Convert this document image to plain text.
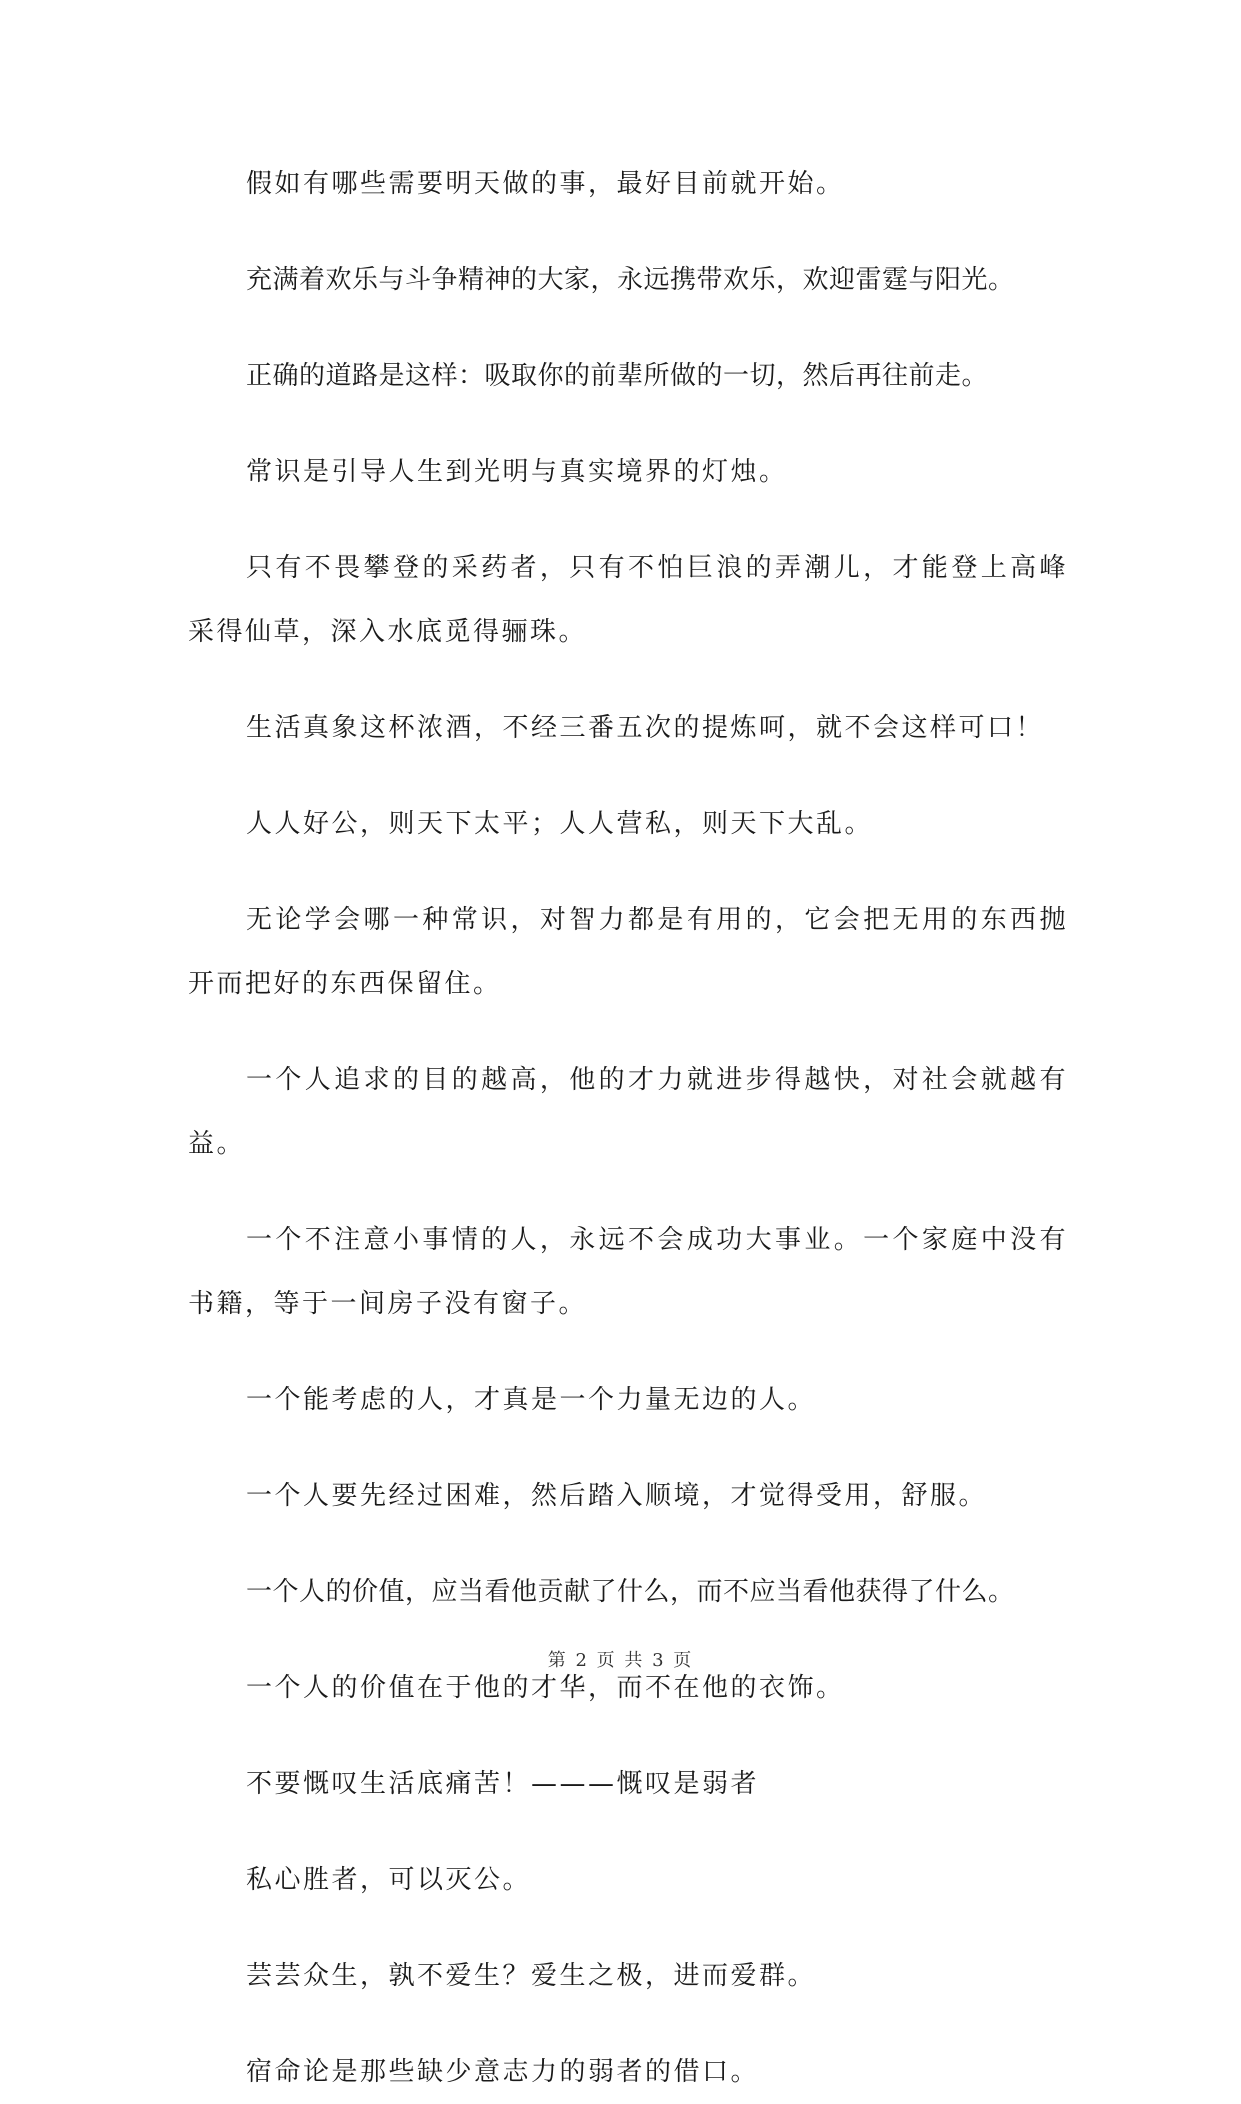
假如有哪些需要明天做的事，最好目前就开始。

充满着欢乐与斗争精神的大家，永远携带欢乐，欢迎雷霆与阳光。

正确的道路是这样：吸取你的前辈所做的一切，然后再往前走。

常识是引导人生到光明与真实境界的灯烛。

只有不畏攀登的采药者，只有不怕巨浪的弄潮儿，才能登上高峰采得仙草，深入水底觅得骊珠。

生活真象这杯浓酒，不经三番五次的提炼呵，就不会这样可口！

人人好公，则天下太平；人人营私，则天下大乱。

无论学会哪一种常识，对智力都是有用的，它会把无用的东西抛开而把好的东西保留住。

一个人追求的目的越高，他的才力就进步得越快，对社会就越有益。

一个不注意小事情的人，永远不会成功大事业。一个家庭中没有书籍，等于一间房子没有窗子。

一个能考虑的人，才真是一个力量无边的人。

一个人要先经过困难，然后踏入顺境，才觉得受用，舒服。

一个人的价值，应当看他贡献了什么，而不应当看他获得了什么。

一个人的价值在于他的才华，而不在他的衣饰。

不要慨叹生活底痛苦！———慨叹是弱者

私心胜者，可以灭公。

芸芸众生，孰不爱生？爱生之极，进而爱群。

宿命论是那些缺少意志力的弱者的借口。

第 2 页 共 3 页
